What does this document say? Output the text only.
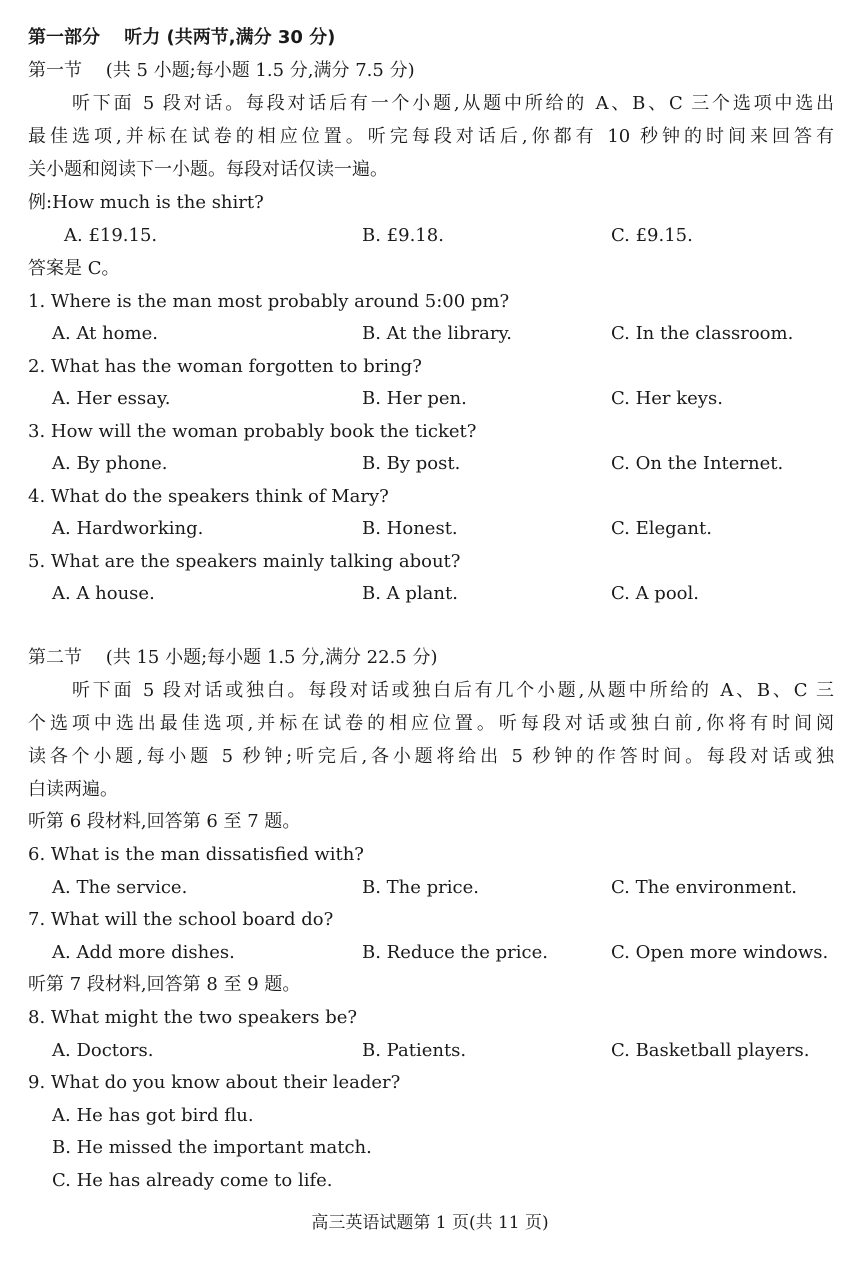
第一部分　 听力 (共两节,满分 30 分)
第一节　 (共 5 小题;每小题 1.5 分,满分 7.5 分)
听下面 5 段对话。每段对话后有一个小题,从题中所给的 A、B、C 三个选项中选出
最佳选项,并标在试卷的相应位置。听完每段对话后,你都有 10 秒钟的时间来回答有
关小题和阅读下一小题。每段对话仅读一遍。
例:How much is the shirt?
A. £19.15.	B. £9.18.	C. £9.15.
答案是 C。
1. Where is the man most probably around 5:00 pm?
A. At home.	B. At the library.	C. In the classroom.
2. What has the woman forgotten to bring?
A. Her essay.	B. Her pen.	C. Her keys.
3. How will the woman probably book the ticket?
A. By phone.	B. By post.	C. On the Internet.
4. What do the speakers think of Mary?
A. Hardworking.	B. Honest.	C. Elegant.
5. What are the speakers mainly talking about?
A. A house.	B. A plant.	C. A pool.
第二节　 (共 15 小题;每小题 1.5 分,满分 22.5 分)
听下面 5 段对话或独白。每段对话或独白后有几个小题,从题中所给的 A、B、C 三
个选项中选出最佳选项,并标在试卷的相应位置。听每段对话或独白前,你将有时间阅
读各个小题,每小题 5 秒钟;听完后,各小题将给出 5 秒钟的作答时间。每段对话或独
白读两遍。
听第 6 段材料,回答第 6 至 7 题。
6. What is the man dissatisfied with?
A. The service.	B. The price.	C. The environment.
7. What will the school board do?
A. Add more dishes.	B. Reduce the price.	C. Open more windows.
听第 7 段材料,回答第 8 至 9 题。
8. What might the two speakers be?
A. Doctors.	B. Patients.	C. Basketball players.
9. What do you know about their leader?
A. He has got bird flu.
B. He missed the important match.
C. He has already come to life.
高三英语试题第 1 页(共 11 页)
